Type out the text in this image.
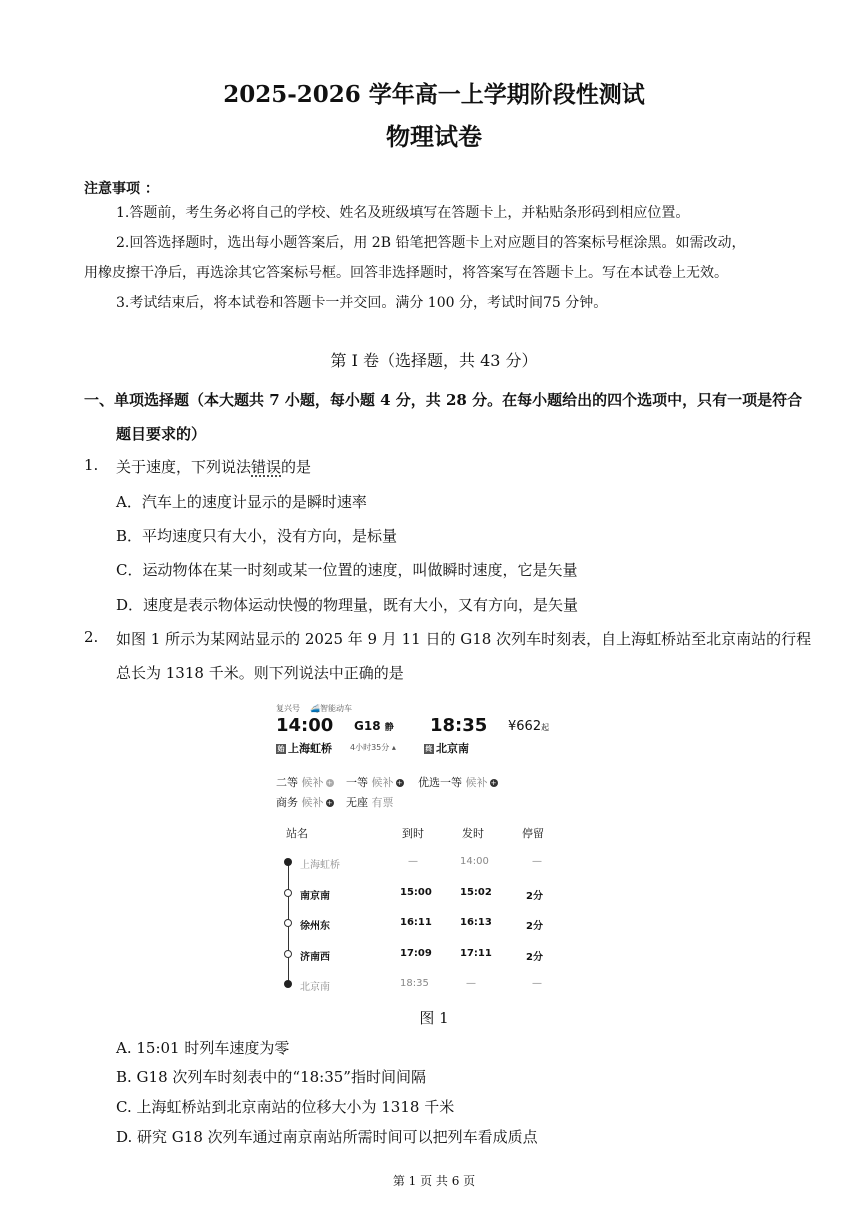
2025-2026 学年高一上学期阶段性测试
物理试卷
注意事项 ：
1.答题前，考生务必将自己的学校、姓名及班级填写在答题卡上，并粘贴条形码到相应位置。
2.回答选择题时，选出每小题答案后，用 2B 铅笔把答题卡上对应题目的答案标号框涂黑。如需改动，
用橡皮擦干净后，再选涂其它答案标号框。回答非选择题时，将答案写在答题卡上。写在本试卷上无效。
3.考试结束后，将本试卷和答题卡一并交回。满分 100 分，考试时间75 分钟。
第 I 卷（选择题，共 43 分）
一、单项选择题（本大题共 7 小题，每小题 4 分，共 28 分。在每小题给出的四个选项中，只有一项是符合
题目要求的）
1. 关于速度，下列说法错误的是
A．汽车上的速度计显示的是瞬时速率
B．平均速度只有大小，没有方向，是标量
C．运动物体在某一时刻或某一位置的速度，叫做瞬时速度，它是矢量
D．速度是表示物体运动快慢的物理量，既有大小，又有方向，是矢量
2. 如图 1 所示为某网站显示的 2025 年 9 月 11 日的 G18 次列车时刻表，自上海虹桥站至北京南站的行程
总长为 1318 千米。则下列说法中正确的是
复兴号 🚄智能动车
14:00 G18 静 18:35 ¥662起
始 上海虹桥 4小时35分 ▴	终 北京南
二等 候补 + 一等 候补 + 优选一等 候补 +
商务 候补 + 无座 有票
站名	到时	发时	停留
上海虹桥	—	14:00	—
南京南	15:00	15:02	2分
徐州东	16:11	16:13	2分
济南西	17:09	17:11	2分
北京南	18:35	—	—
图 1
A. 15:01 时列车速度为零
B. G18 次列车时刻表中的“18:35”指时间间隔
C. 上海虹桥站到北京南站的位移大小为 1318 千米
D. 研究 G18 次列车通过南京南站所需时间可以把列车看成质点
第 1 页 共 6 页
